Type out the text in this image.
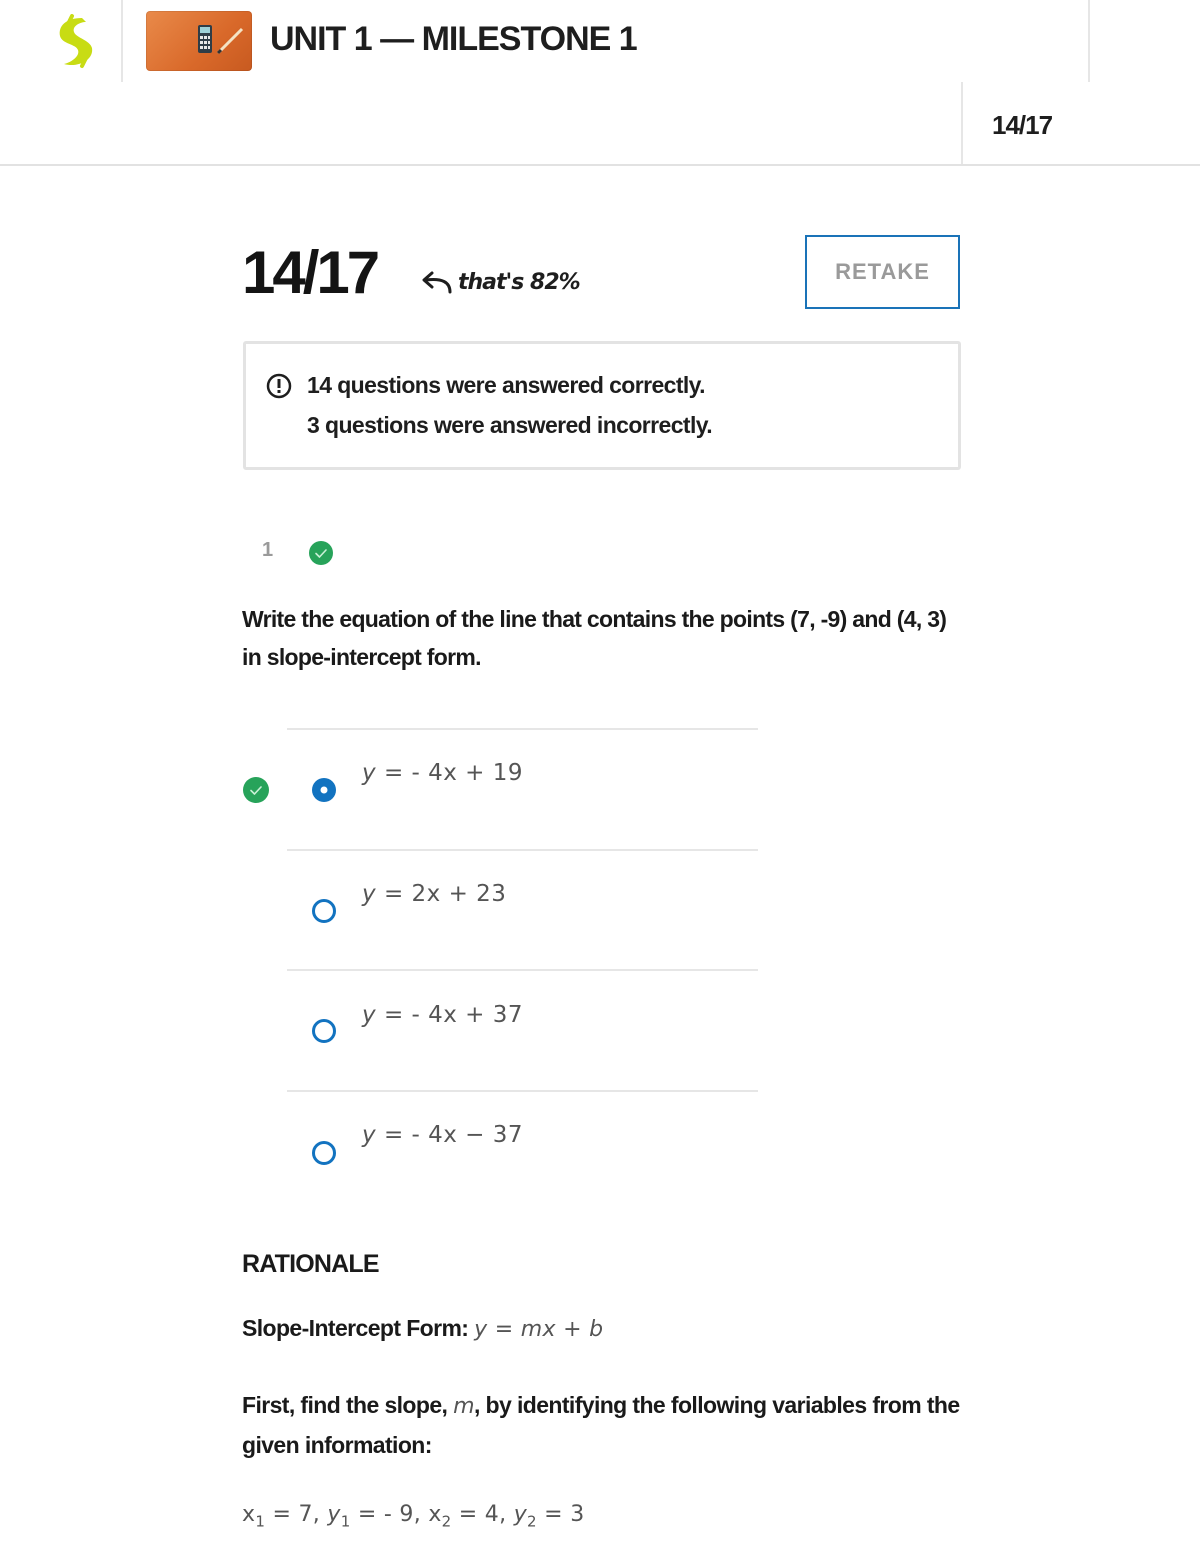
UNIT 1 — MILESTONE 1
14/17
14/17	that's 82%	RETAKE
14 questions were answered correctly.
3 questions were answered incorrectly.
1
Write the equation of the line that contains the points (7, -9) and (4, 3) in slope-intercept form.
y = - 4x + 19
y = 2x + 23
y = - 4x + 37
y = - 4x − 37
RATIONALE
Slope-Intercept Form: y = mx + b
First, find the slope, m, by identifying the following variables from the given information:
$x_1 = 7$, $y_1$ = - 9, $x_2 = 4$, $y_2 = 3$
